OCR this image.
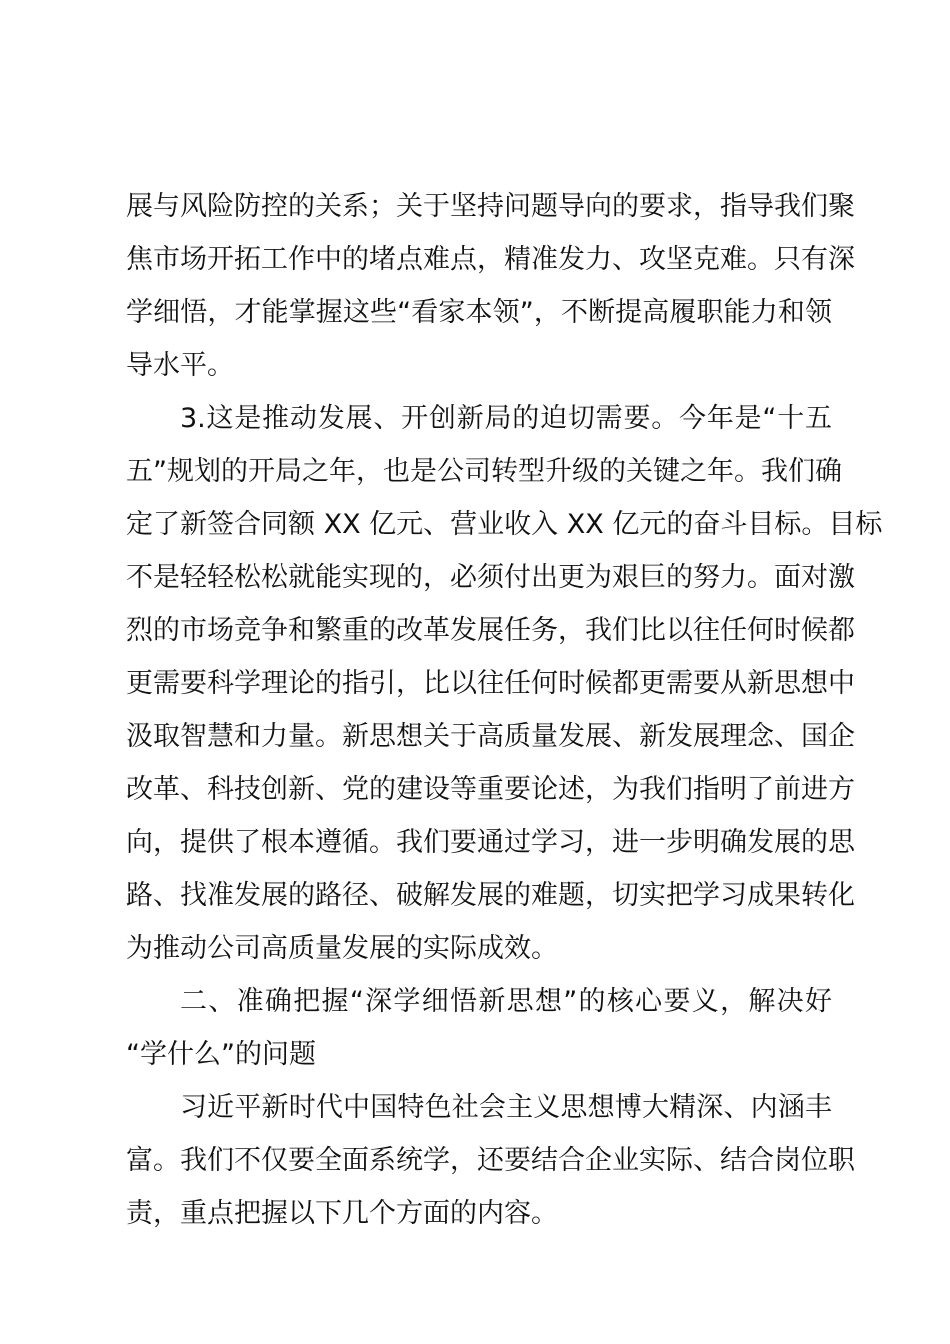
展与风险防控的关系；关于坚持问题导向的要求，指导我们聚
焦市场开拓工作中的堵点难点，精准发力、攻坚克难。只有深
学细悟，才能掌握这些“看家本领”，不断提高履职能力和领
导水平。
3.这是推动发展、开创新局的迫切需要。今年是“十五
五”规划的开局之年，也是公司转型升级的关键之年。我们确
定了新签合同额 XX 亿元、营业收入 XX 亿元的奋斗目标。目标
不是轻轻松松就能实现的，必须付出更为艰巨的努力。面对激
烈的市场竞争和繁重的改革发展任务，我们比以往任何时候都
更需要科学理论的指引，比以往任何时候都更需要从新思想中
汲取智慧和力量。新思想关于高质量发展、新发展理念、国企
改革、科技创新、党的建设等重要论述，为我们指明了前进方
向，提供了根本遵循。我们要通过学习，进一步明确发展的思
路、找准发展的路径、破解发展的难题，切实把学习成果转化
为推动公司高质量发展的实际成效。
二、准确把握“深学细悟新思想”的核心要义，解决好
“学什么”的问题
习近平新时代中国特色社会主义思想博大精深、内涵丰
富。我们不仅要全面系统学，还要结合企业实际、结合岗位职
责，重点把握以下几个方面的内容。
